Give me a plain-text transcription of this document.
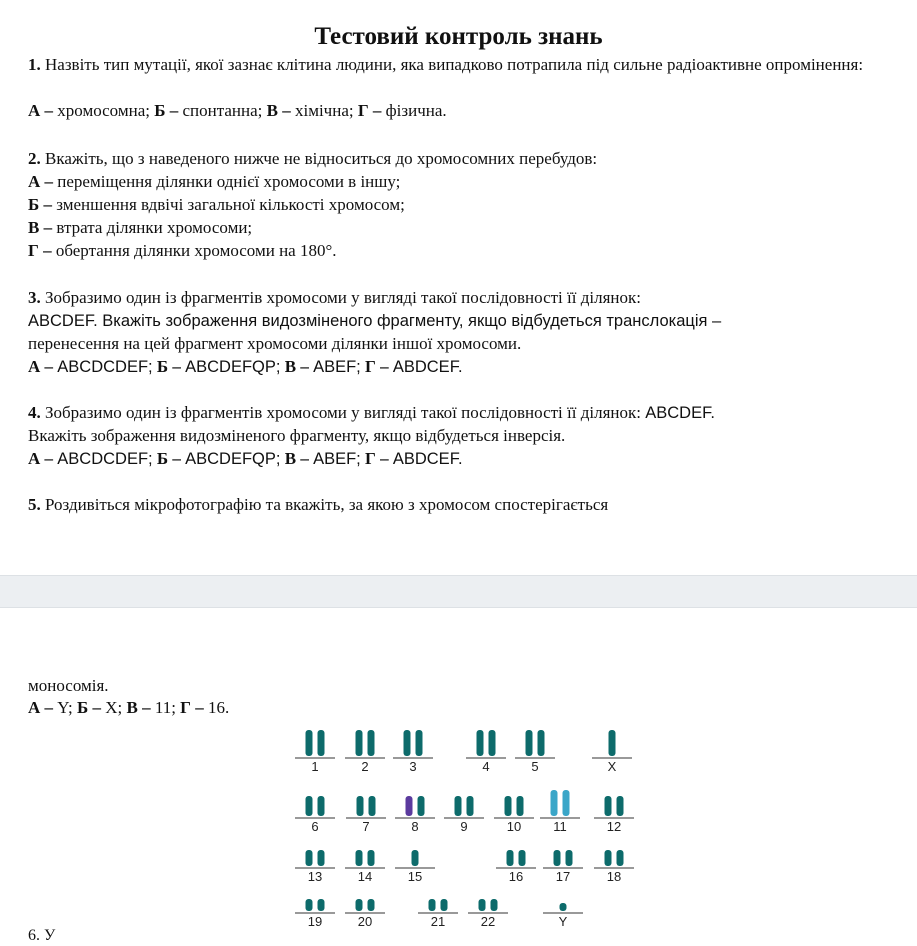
Тестовий контроль знань
1. Назвіть тип мутації, якої зазнає клітина людини, яка випадково потрапила під сильне радіоактивне опромінення:
А – хромосомна; Б – спонтанна; В – хімічна; Г – фізична.
2. Вкажіть, що з наведеного нижче не відноситься до хромосомних перебудов:
А – переміщення ділянки однієї хромосоми в іншу;
Б – зменшення вдвічі загальної кількості хромосом;
В – втрата ділянки хромосоми;
Г – обертання ділянки хромосоми на 180°.
3. Зобразимо один із фрагментів хромосоми у вигляді такої послідовності її ділянок:
ABCDEF. Вкажіть зображення видозміненого фрагменту, якщо відбудеться транслокація –
перенесення на цей фрагмент хромосоми ділянки іншої хромосоми.
А – ABCDCDEF; Б – ABCDEFQP; В – ABEF; Г – ABDCEF.
4. Зобразимо один із фрагментів хромосоми у вигляді такої послідовності її ділянок: ABCDEF.
Вкажіть зображення видозміненого фрагменту, якщо відбудеться інверсія.
А – ABCDCDEF; Б – ABCDEFQP; В – ABEF; Г – ABDCEF.
5. Роздивіться мікрофотографію та вкажіть, за якою з хромосом спостерігається
моносомія.
А – Y; Б – X; В – 11; Г – 16.
1	2	3	4	5	X
6	7	8	9	10 11	12
13	14	15	16	17	18
19	20	21	22	Y
6. У
